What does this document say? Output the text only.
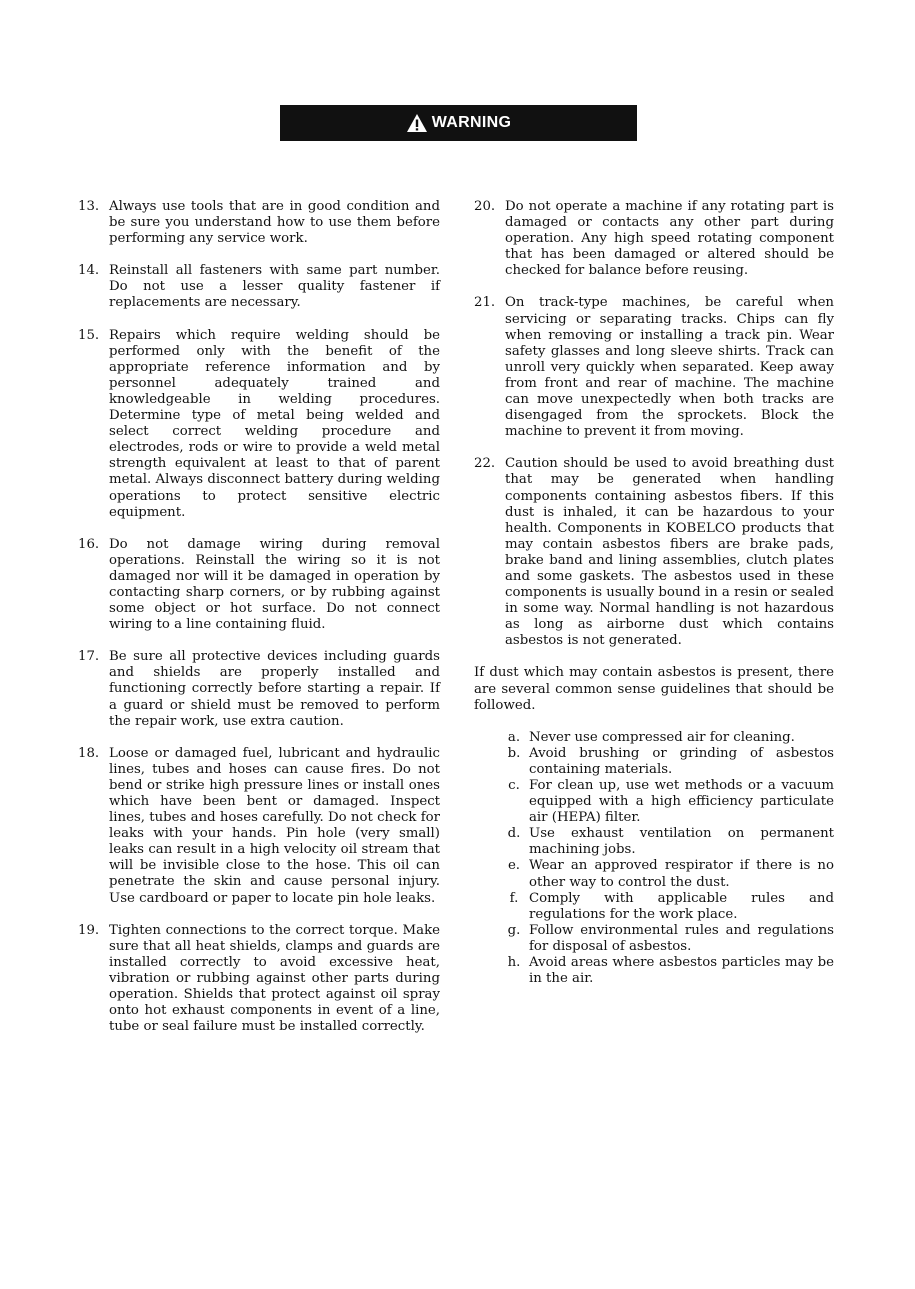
WARNING
13. Always use tools that are in good condition and be sure you understand how to use them before performing any service work.
14. Reinstall all fasteners with same part number. Do not use a lesser quality fastener if replacements are necessary.
15. Repairs which require welding should be performed only with the benefit of the appropriate reference information and by personnel adequately trained and knowledgeable in welding procedures. Determine type of metal being welded and select correct welding procedure and electrodes, rods or wire to provide a weld metal strength equivalent at least to that of parent metal. Always disconnect battery during welding operations to protect sensitive electric equipment.
16. Do not damage wiring during removal operations. Reinstall the wiring so it is not damaged nor will it be damaged in operation by contacting sharp corners, or by rubbing against some object or hot surface. Do not connect wiring to a line containing fluid.
17. Be sure all protective devices including guards and shields are properly installed and functioning correctly before starting a repair. If a guard or shield must be removed to perform the repair work, use extra caution.
18. Loose or damaged fuel, lubricant and hydraulic lines, tubes and hoses can cause fires. Do not bend or strike high pressure lines or install ones which have been bent or damaged. Inspect lines, tubes and hoses carefully. Do not check for leaks with your hands. Pin hole (very small) leaks can result in a high velocity oil stream that will be invisible close to the hose. This oil can penetrate the skin and cause personal injury. Use cardboard or paper to locate pin hole leaks.
19. Tighten connections to the correct torque. Make sure that all heat shields, clamps and guards are installed correctly to avoid excessive heat, vibration or rubbing against other parts during operation. Shields that protect against oil spray onto hot exhaust components in event of a line, tube or seal failure must be installed correctly.
20. Do not operate a machine if any rotating part is damaged or contacts any other part during operation. Any high speed rotating component that has been damaged or altered should be checked for balance before reusing.
21. On track-type machines, be careful when servicing or separating tracks. Chips can fly when removing or installing a track pin. Wear safety glasses and long sleeve shirts. Track can unroll very quickly when separated. Keep away from front and rear of machine. The machine can move unexpectedly when both tracks are disengaged from the sprockets. Block the machine to prevent it from moving.
22. Caution should be used to avoid breathing dust that may be generated when handling components containing asbestos fibers. If this dust is inhaled, it can be hazardous to your health. Components in KOBELCO products that may contain asbestos fibers are brake pads, brake band and lining assemblies, clutch plates and some gaskets. The asbestos used in these components is usually bound in a resin or sealed in some way. Normal handling is not hazardous as long as airborne dust which contains asbestos is not generated.

If dust which may contain asbestos is present, there are several common sense guidelines that should be followed.

a. Never use compressed air for cleaning.
b. Avoid brushing or grinding of asbestos containing materials.
c. For clean up, use wet methods or a vacuum equipped with a high efficiency particulate air (HEPA) filter.
d. Use exhaust ventilation on permanent machining jobs.
e. Wear an approved respirator if there is no other way to control the dust.
f. Comply with applicable rules and regulations for the work place.
g. Follow environmental rules and regulations for disposal of asbestos.
h. Avoid areas where asbestos particles may be in the air.
